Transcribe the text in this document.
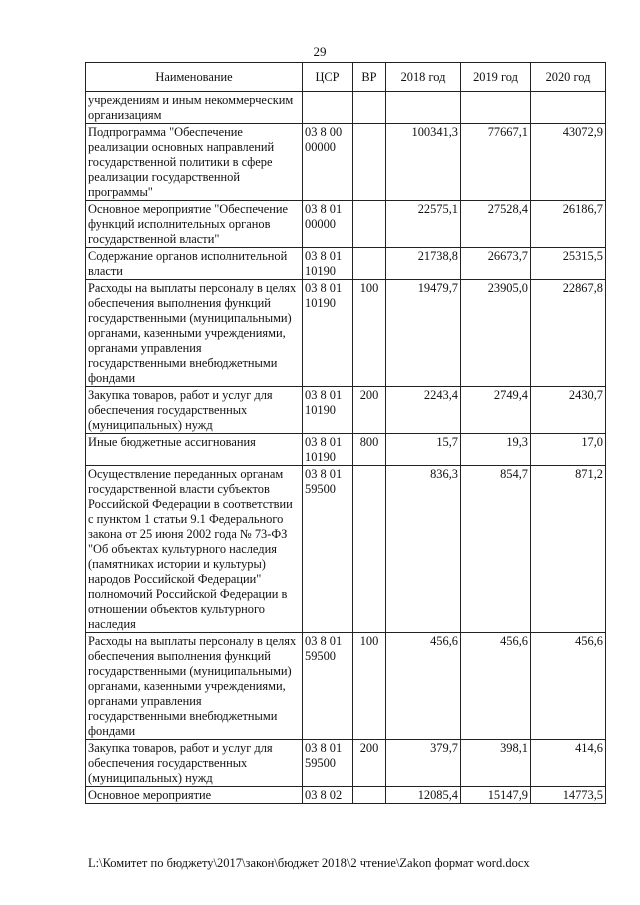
29
Наименование	ЦСР	ВР	2018 год	2019 год	2020 год
учреждениям и иным некоммерческим организациям					
Подпрограмма "Обеспечение реализации основных направлений государственной политики в сфере реализации государственной программы"	03 8 00 00000		100341,3	77667,1	43072,9
Основное мероприятие "Обеспечение функций исполнительных органов государственной власти"	03 8 01 00000		22575,1	27528,4	26186,7
Содержание органов исполнительной власти	03 8 01 10190		21738,8	26673,7	25315,5
Расходы на выплаты персоналу в целях обеспечения выполнения функций государственными (муниципальными) органами, казенными учреждениями, органами управления государственными внебюджетными фондами	03 8 01 10190	100	19479,7	23905,0	22867,8
Закупка товаров, работ и услуг для обеспечения государственных (муниципальных) нужд	03 8 01 10190	200	2243,4	2749,4	2430,7
Иные бюджетные ассигнования	03 8 01 10190	800	15,7	19,3	17,0
Осуществление переданных органам государственной власти субъектов Российской Федерации в соответствии с пунктом 1 статьи 9.1 Федерального закона от 25 июня 2002 года № 73-ФЗ "Об объектах культурного наследия (памятниках истории и культуры) народов Российской Федерации" полномочий Российской Федерации в отношении объектов культурного наследия	03 8 01 59500		836,3	854,7	871,2
Расходы на выплаты персоналу в целях обеспечения выполнения функций государственными (муниципальными) органами, казенными учреждениями, органами управления государственными внебюджетными фондами	03 8 01 59500	100	456,6	456,6	456,6
Закупка товаров, работ и услуг для обеспечения государственных (муниципальных) нужд	03 8 01 59500	200	379,7	398,1	414,6
Основное мероприятие	03 8 02		12085,4	15147,9	14773,5
L:\Комитет по бюджету\2017\закон\бюджет 2018\2 чтение\Zakon формат word.docx
